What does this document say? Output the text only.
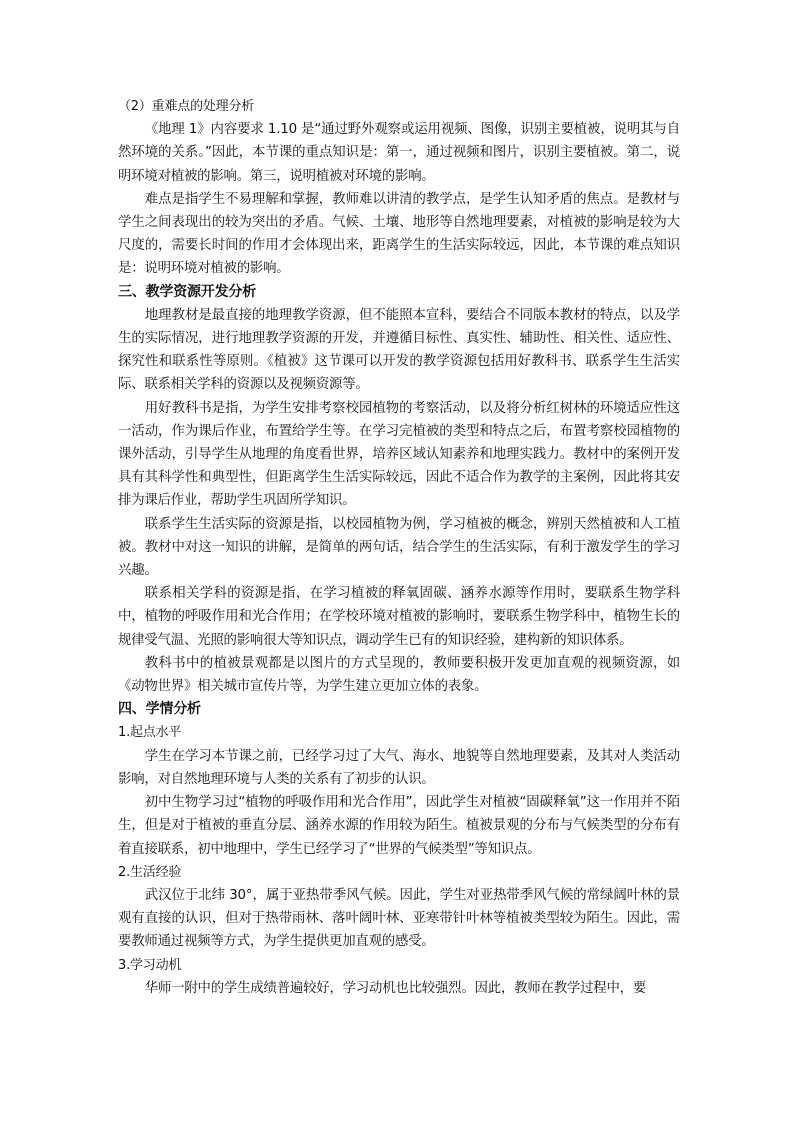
（2）重难点的处理分析

《地理 1》内容要求 1.10 是“通过野外观察或运用视频、图像，识别主要植被，说明其与自然环境的关系。”因此，本节课的重点知识是：第一，通过视频和图片，识别主要植被。第二，说明环境对植被的影响。第三，说明植被对环境的影响。

难点是指学生不易理解和掌握，教师难以讲清的教学点，是学生认知矛盾的焦点。是教材与学生之间表现出的较为突出的矛盾。气候、土壤、地形等自然地理要素，对植被的影响是较为大尺度的，需要长时间的作用才会体现出来，距离学生的生活实际较远，因此，本节课的难点知识是：说明环境对植被的影响。

三、教学资源开发分析

地理教材是最直接的地理教学资源，但不能照本宣科，要结合不同版本教材的特点，以及学生的实际情况，进行地理教学资源的开发，并遵循目标性、真实性、辅助性、相关性、适应性、探究性和联系性等原则。《植被》这节课可以开发的教学资源包括用好教科书、联系学生生活实际、联系相关学科的资源以及视频资源等。

用好教科书是指，为学生安排考察校园植物的考察活动，以及将分析红树林的环境适应性这一活动，作为课后作业，布置给学生等。在学习完植被的类型和特点之后，布置考察校园植物的课外活动，引导学生从地理的角度看世界，培养区域认知素养和地理实践力。教材中的案例开发具有其科学性和典型性，但距离学生生活实际较远，因此不适合作为教学的主案例，因此将其安排为课后作业，帮助学生巩固所学知识。

联系学生生活实际的资源是指，以校园植物为例，学习植被的概念，辨别天然植被和人工植被。教材中对这一知识的讲解，是简单的两句话，结合学生的生活实际，有利于激发学生的学习兴趣。

联系相关学科的资源是指，在学习植被的释氧固碳、涵养水源等作用时，要联系生物学科中，植物的呼吸作用和光合作用；在学校环境对植被的影响时，要联系生物学科中，植物生长的规律受气温、光照的影响很大等知识点，调动学生已有的知识经验，建构新的知识体系。

教科书中的植被景观都是以图片的方式呈现的，教师要积极开发更加直观的视频资源，如《动物世界》相关城市宣传片等，为学生建立更加立体的表象。

四、学情分析

1.起点水平

学生在学习本节课之前，已经学习过了大气、海水、地貌等自然地理要素，及其对人类活动影响，对自然地理环境与人类的关系有了初步的认识。

初中生物学习过“植物的呼吸作用和光合作用”，因此学生对植被“固碳释氧”这一作用并不陌生，但是对于植被的垂直分层、涵养水源的作用较为陌生。植被景观的分布与气候类型的分布有着直接联系，初中地理中，学生已经学习了“世界的气候类型”等知识点。

2.生活经验

武汉位于北纬 30°，属于亚热带季风气候。因此，学生对亚热带季风气候的常绿阔叶林的景观有直接的认识，但对于热带雨林、落叶阔叶林、亚寒带针叶林等植被类型较为陌生。因此，需要教师通过视频等方式，为学生提供更加直观的感受。

3.学习动机

华师一附中的学生成绩普遍较好，学习动机也比较强烈。因此，教师在教学过程中，要
